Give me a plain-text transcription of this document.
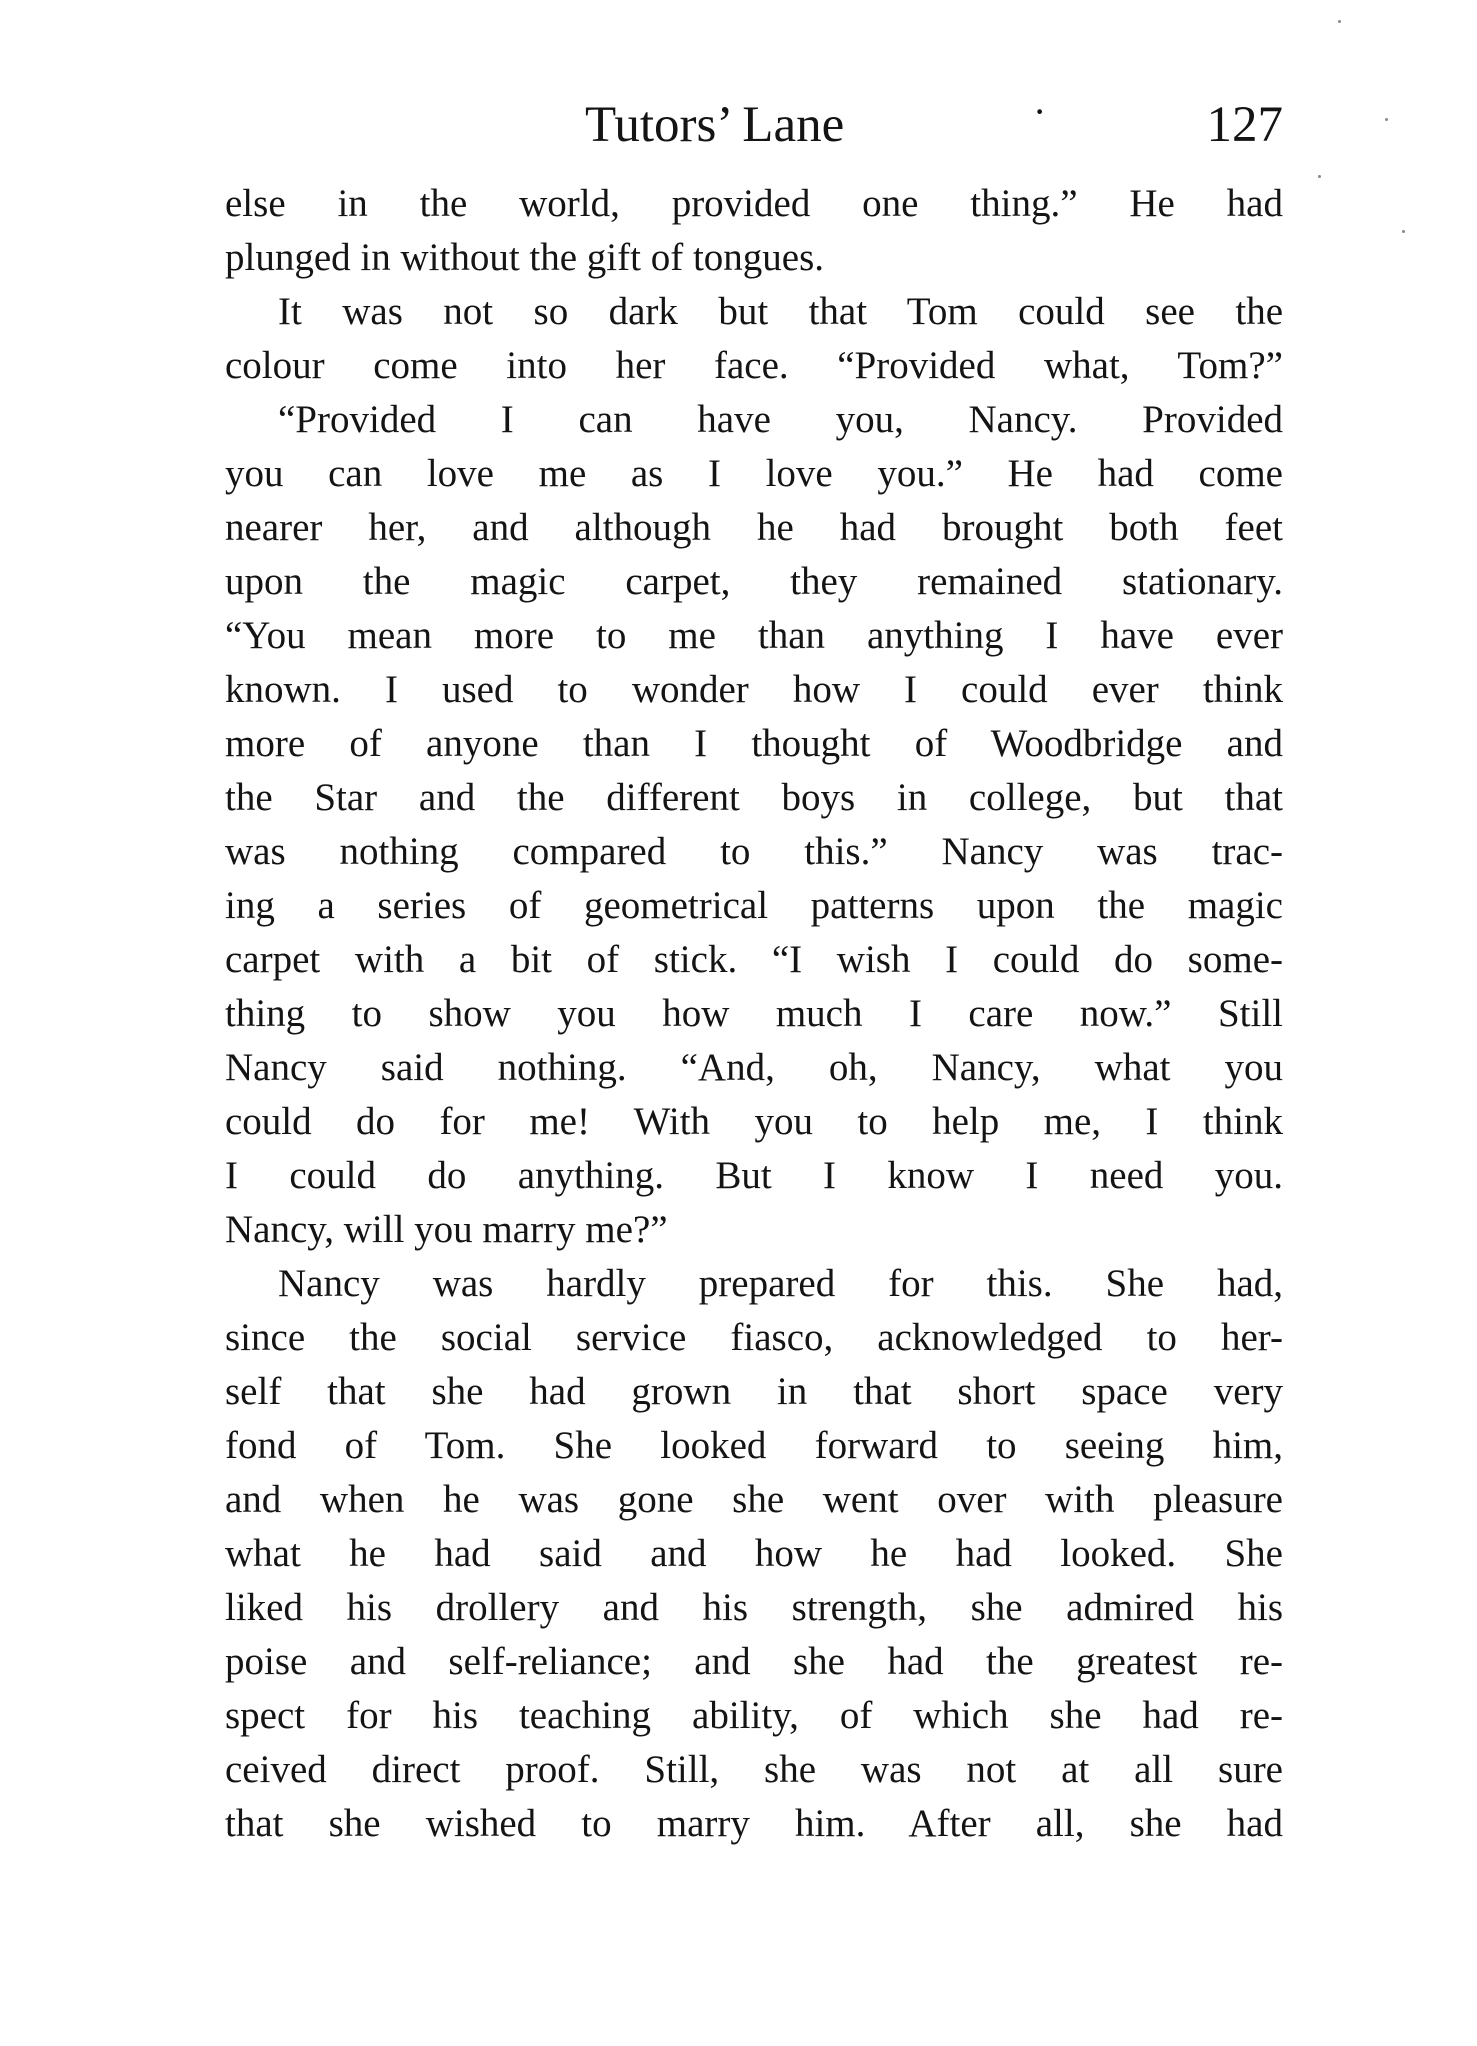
Tutors’ Lane	·	127
else in the world, provided one thing.” He had
plunged in without the gift of tongues.
It was not so dark but that Tom could see the
colour come into her face. “Provided what, Tom?”
“Provided I can have you, Nancy. Provided
you can love me as I love you.” He had come
nearer her, and although he had brought both feet
upon the magic carpet, they remained stationary.
“You mean more to me than anything I have ever
known. I used to wonder how I could ever think
more of anyone than I thought of Woodbridge and
the Star and the different boys in college, but that
was nothing compared to this.” Nancy was trac-
ing a series of geometrical patterns upon the magic
carpet with a bit of stick. “I wish I could do some-
thing to show you how much I care now.” Still
Nancy said nothing. “And, oh, Nancy, what you
could do for me! With you to help me, I think
I could do anything. But I know I need you.
Nancy, will you marry me?”
Nancy was hardly prepared for this. She had,
since the social service fiasco, acknowledged to her-
self that she had grown in that short space very
fond of Tom. She looked forward to seeing him,
and when he was gone she went over with pleasure
what he had said and how he had looked. She
liked his drollery and his strength, she admired his
poise and self-reliance; and she had the greatest re-
spect for his teaching ability, of which she had re-
ceived direct proof. Still, she was not at all sure
that she wished to marry him. After all, she had
